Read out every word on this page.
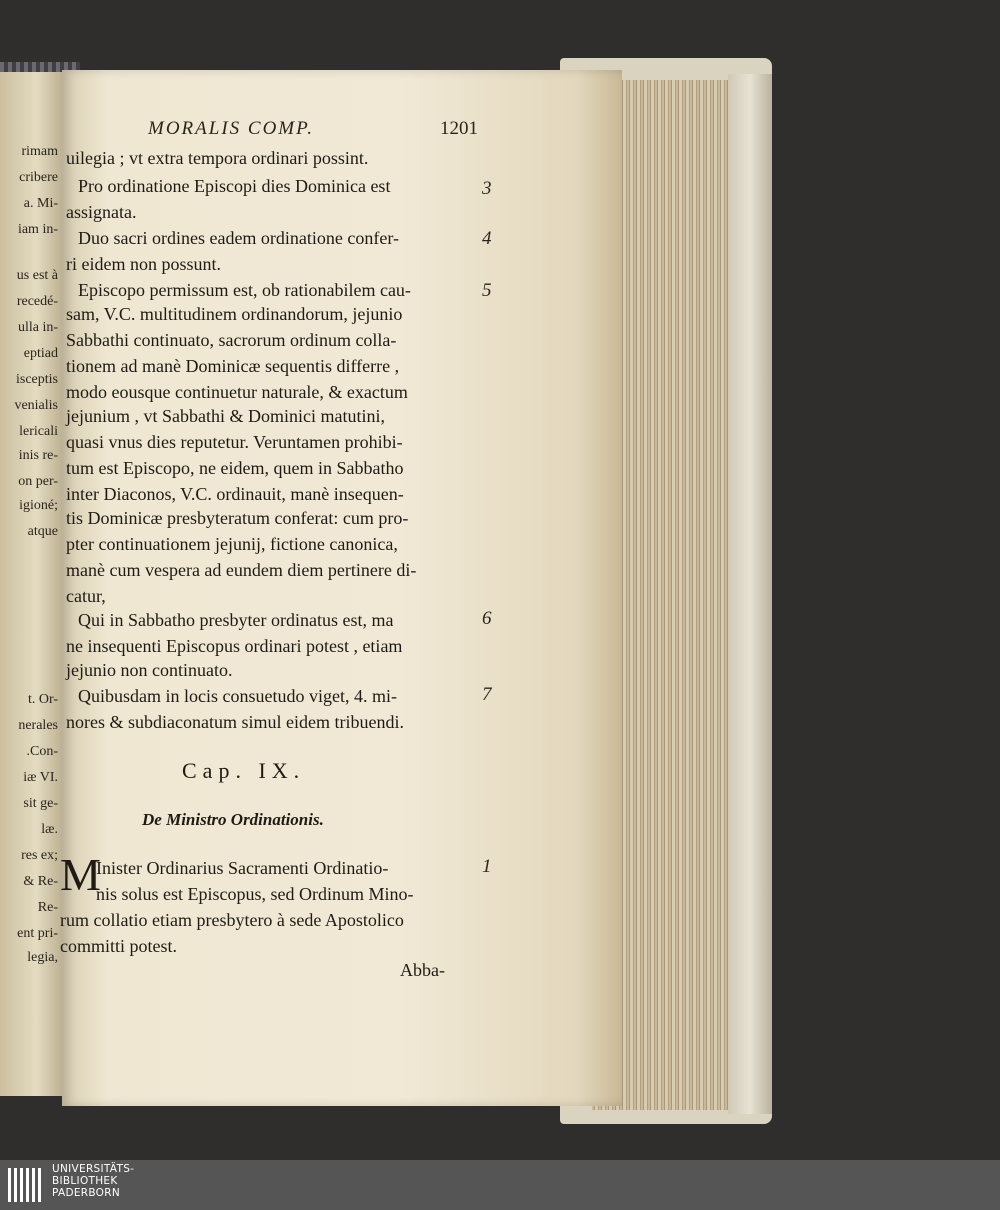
rimam
cribere
a. Mi-
iam in-
us est à
recedé-
ulla in-
eptiad
isceptis
venialis
lericali
inis re-
on per-
igioné;
atque
t. Or-
nerales
.Con-
iæ VI.
sit ge-
læ.
res ex;
& Re-
Re-
ent pri-
legia,
MORALIS COMP.	1201
uilegia ; vt extra tempora ordinari possint.
Pro ordinatione Episcopi dies Dominica est
assignata.
Duo sacri ordines eadem ordinatione confer-
ri eidem non possunt.
Episcopo permissum est, ob rationabilem cau-
sam, V.C. multitudinem ordinandorum, jejunio
Sabbathi continuato, sacrorum ordinum colla-
tionem ad manè Dominicæ sequentis differre ,
modo eousque continuetur naturale, & exactum
jejunium , vt Sabbathi & Dominici matutini,
quasi vnus dies reputetur. Veruntamen prohibi-
tum est Episcopo, ne eidem, quem in Sabbatho
inter Diaconos, V.C. ordinauit, manè insequen-
tis Dominicæ presbyteratum conferat: cum pro-
pter continuationem jejunij, fictione canonica,
manè cum vespera ad eundem diem pertinere di-
catur,
Qui in Sabbatho presbyter ordinatus est, ma
ne insequenti Episcopus ordinari potest , etiam
jejunio non continuato.
Quibusdam in locis consuetudo viget, 4. mi-
nores & subdiaconatum simul eidem tribuendi.
3
4
5
6
7
Cap. IX.
De Ministro Ordinationis.
M
Inister Ordinarius Sacramenti Ordinatio-
nis solus est Episcopus, sed Ordinum Mino-
rum collatio etiam presbytero à sede Apostolico
committi potest.
1
Abba-
UNIVERSITÄTS-
BIBLIOTHEK
PADERBORN
